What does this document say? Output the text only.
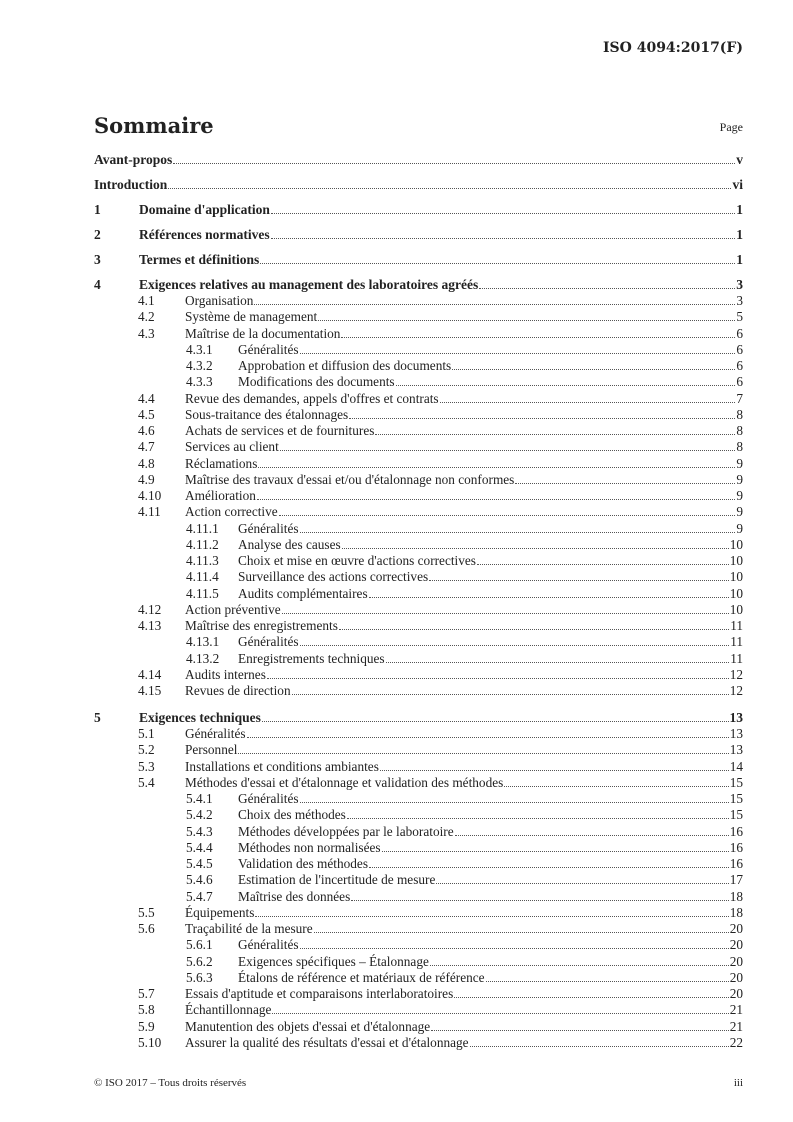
ISO 4094:2017(F)
Sommaire	Page
Avant-propos	v
Introduction	vi
1	Domaine d'application	1
2	Références normatives	1
3	Termes et définitions	1
4	Exigences relatives au management des laboratoires agréés	3
4.1 Organisation	3
4.2 Système de management	5
4.3 Maîtrise de la documentation	6
4.3.1 Généralités	6
4.3.2 Approbation et diffusion des documents	6
4.3.3 Modifications des documents	6
4.4 Revue des demandes, appels d'offres et contrats	7
4.5 Sous-traitance des étalonnages	8
4.6 Achats de services et de fournitures	8
4.7 Services au client	8
4.8 Réclamations	9
4.9 Maîtrise des travaux d'essai et/ou d'étalonnage non conformes	9
4.10 Amélioration	9
4.11 Action corrective	9
4.11.1 Généralités	9
4.11.2 Analyse des causes	10
4.11.3 Choix et mise en œuvre d'actions correctives	10
4.11.4 Surveillance des actions correctives	10
4.11.5 Audits complémentaires	10
4.12 Action préventive	10
4.13 Maîtrise des enregistrements	11
4.13.1 Généralités	11
4.13.2 Enregistrements techniques	11
4.14 Audits internes	12
4.15 Revues de direction	12
5	Exigences techniques	13
5.1 Généralités	13
5.2 Personnel	13
5.3 Installations et conditions ambiantes	14
5.4 Méthodes d'essai et d'étalonnage et validation des méthodes	15
5.4.1 Généralités	15
5.4.2 Choix des méthodes	15
5.4.3 Méthodes développées par le laboratoire	16
5.4.4 Méthodes non normalisées	16
5.4.5 Validation des méthodes	16
5.4.6 Estimation de l'incertitude de mesure	17
5.4.7 Maîtrise des données	18
5.5 Équipements	18
5.6 Traçabilité de la mesure	20
5.6.1 Généralités	20
5.6.2 Exigences spécifiques – Étalonnage	20
5.6.3 Étalons de référence et matériaux de référence	20
5.7 Essais d'aptitude et comparaisons interlaboratoires	20
5.8 Échantillonnage	21
5.9 Manutention des objets d'essai et d'étalonnage	21
5.10 Assurer la qualité des résultats d'essai et d'étalonnage	22
© ISO 2017 – Tous droits réservés	iii
